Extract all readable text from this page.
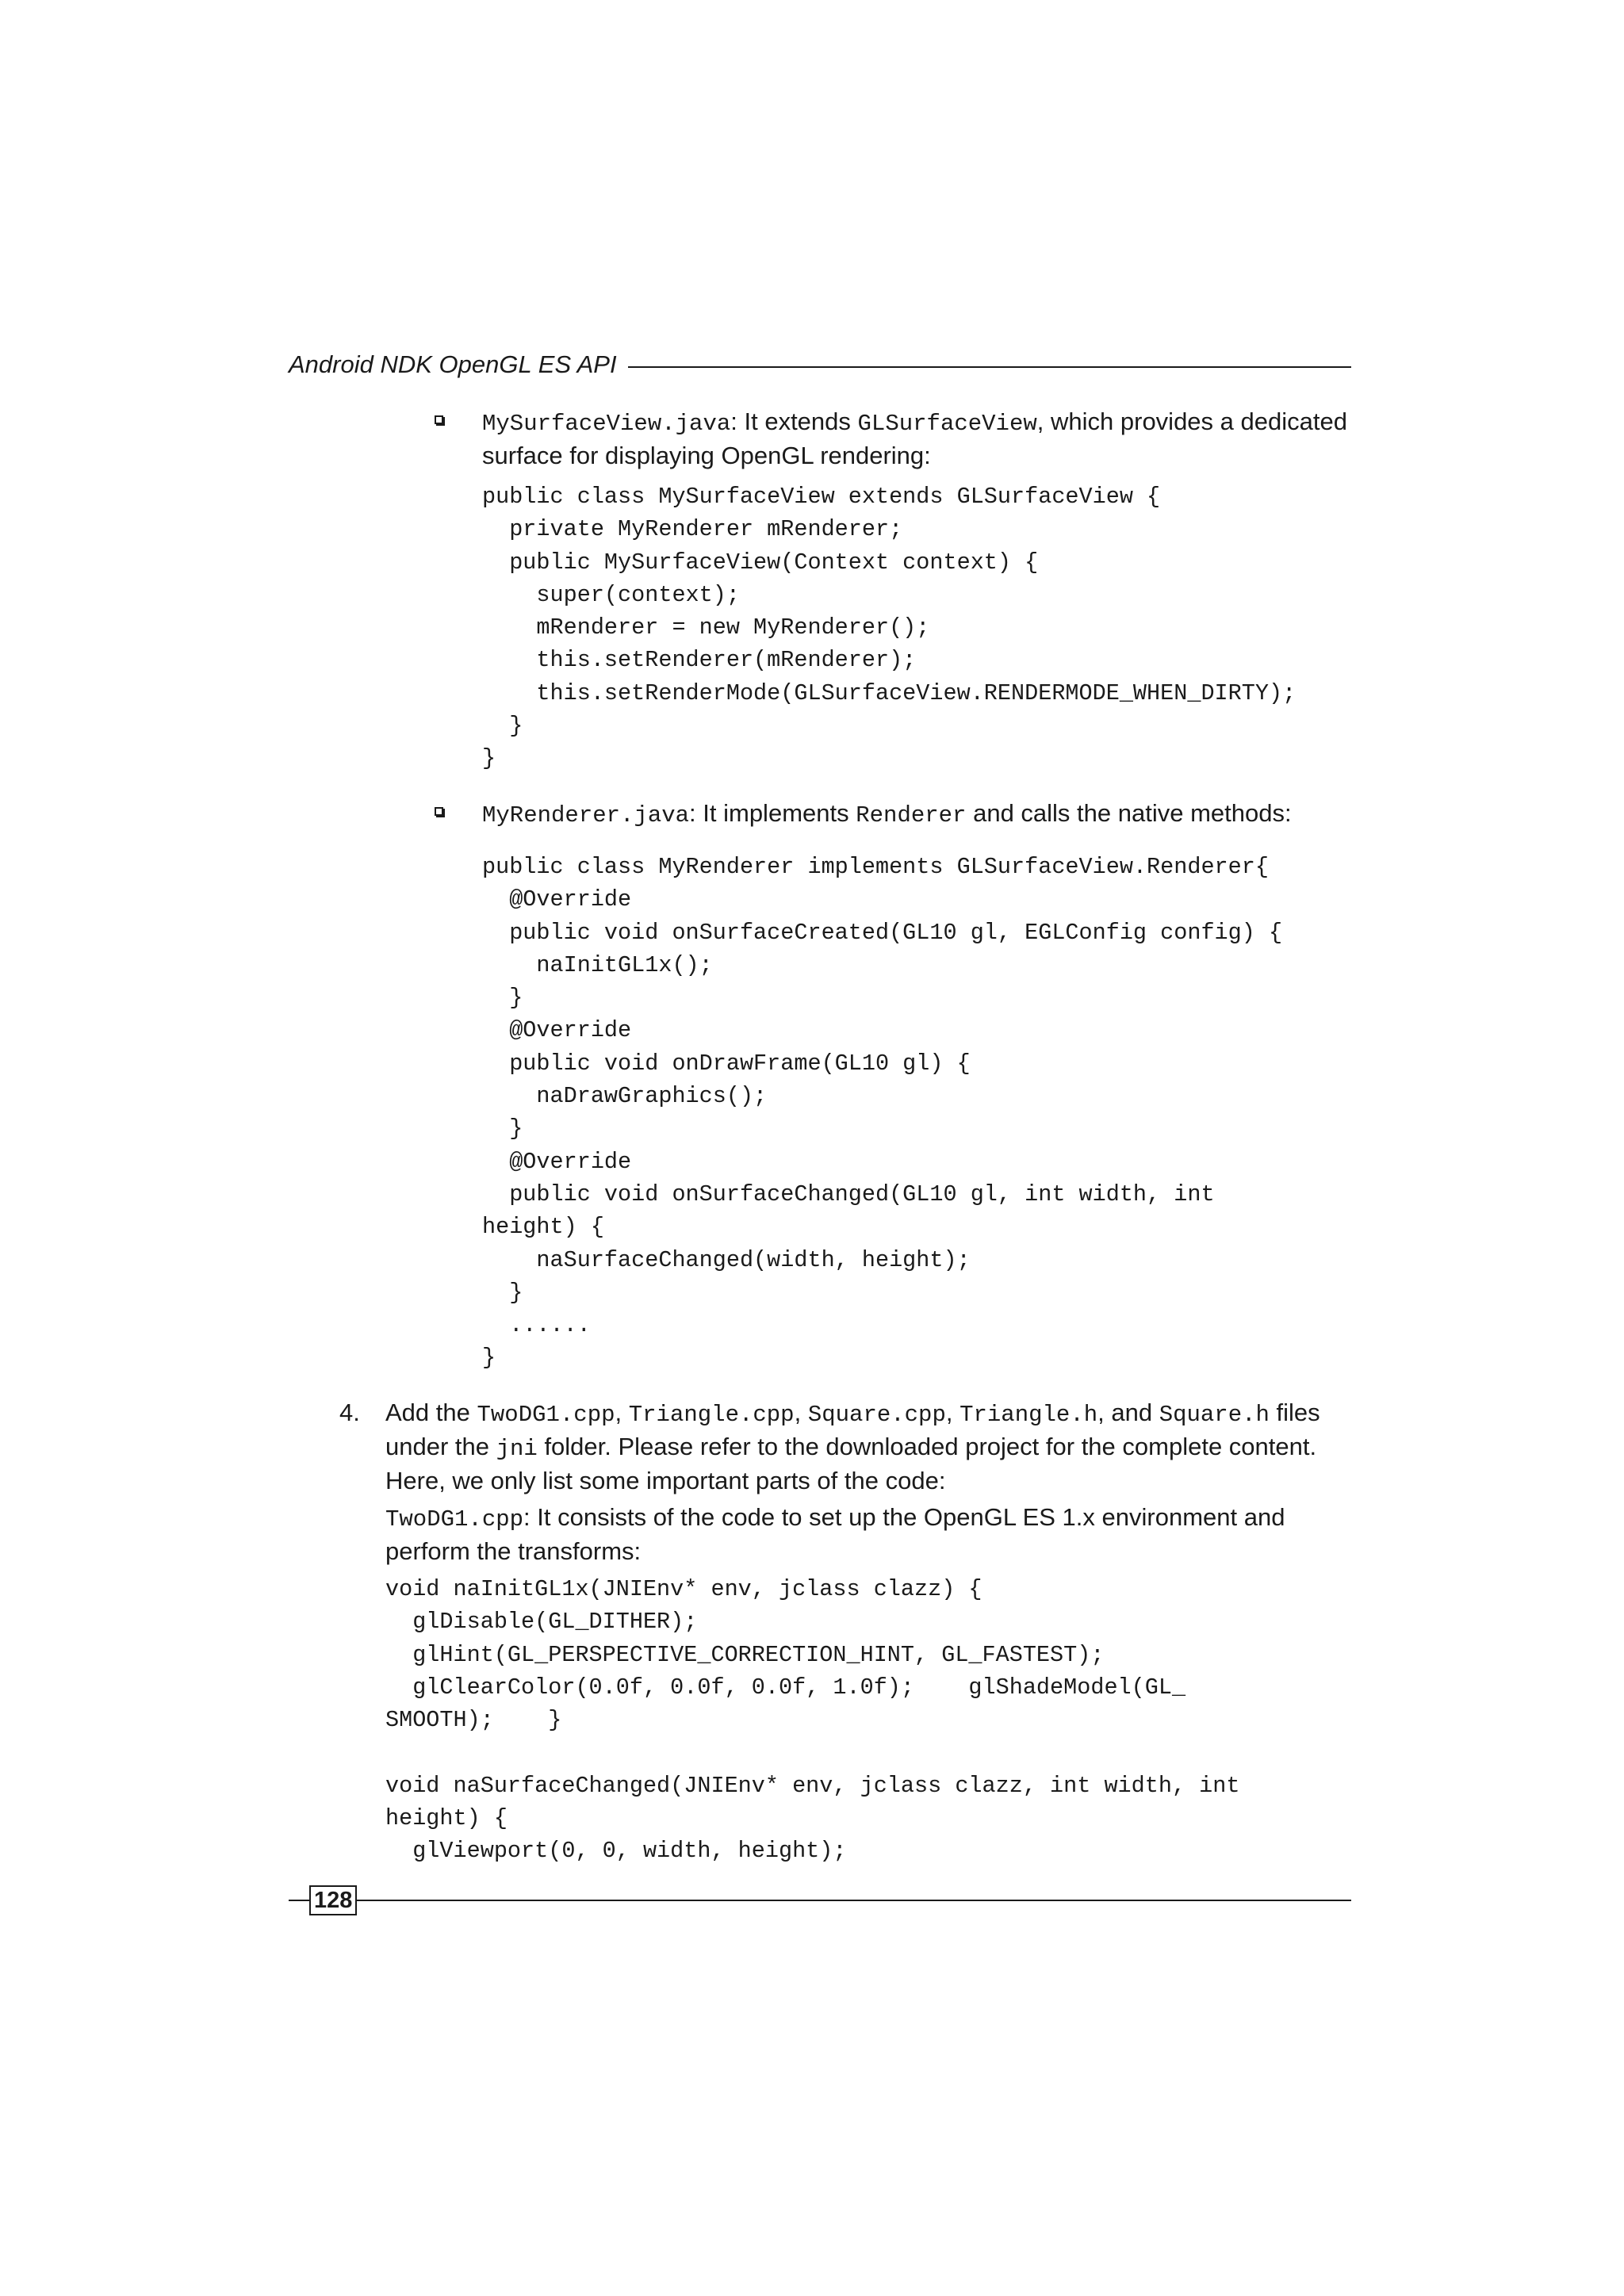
Android NDK OpenGL ES API
MySurfaceView.java: It extends GLSurfaceView, which provides a dedicated surface for displaying OpenGL rendering:
public class MySurfaceView extends GLSurfaceView {
private MyRenderer mRenderer;
public MySurfaceView(Context context) {
super(context);
mRenderer = new MyRenderer();
this.setRenderer(mRenderer);
this.setRenderMode(GLSurfaceView.RENDERMODE_WHEN_DIRTY);
}
}
MyRenderer.java: It implements Renderer and calls the native methods:
public class MyRenderer implements GLSurfaceView.Renderer{
@Override
public void onSurfaceCreated(GL10 gl, EGLConfig config) {
naInitGL1x();
}
@Override
public void onDrawFrame(GL10 gl) {
naDrawGraphics();
}
@Override
public void onSurfaceChanged(GL10 gl, int width, int
height) {
naSurfaceChanged(width, height);
}
......
}
4. Add the TwoDG1.cpp, Triangle.cpp, Square.cpp, Triangle.h, and Square.h files under the jni folder. Please refer to the downloaded project for the complete content. Here, we only list some important parts of the code:
TwoDG1.cpp: It consists of the code to set up the OpenGL ES 1.x environment and perform the transforms:
void naInitGL1x(JNIEnv* env, jclass clazz) {
glDisable(GL_DITHER);
glHint(GL_PERSPECTIVE_CORRECTION_HINT, GL_FASTEST);
glClearColor(0.0f, 0.0f, 0.0f, 1.0f);    glShadeModel(GL_
SMOOTH);    }

void naSurfaceChanged(JNIEnv* env, jclass clazz, int width, int
height) {
glViewport(0, 0, width, height);
128
